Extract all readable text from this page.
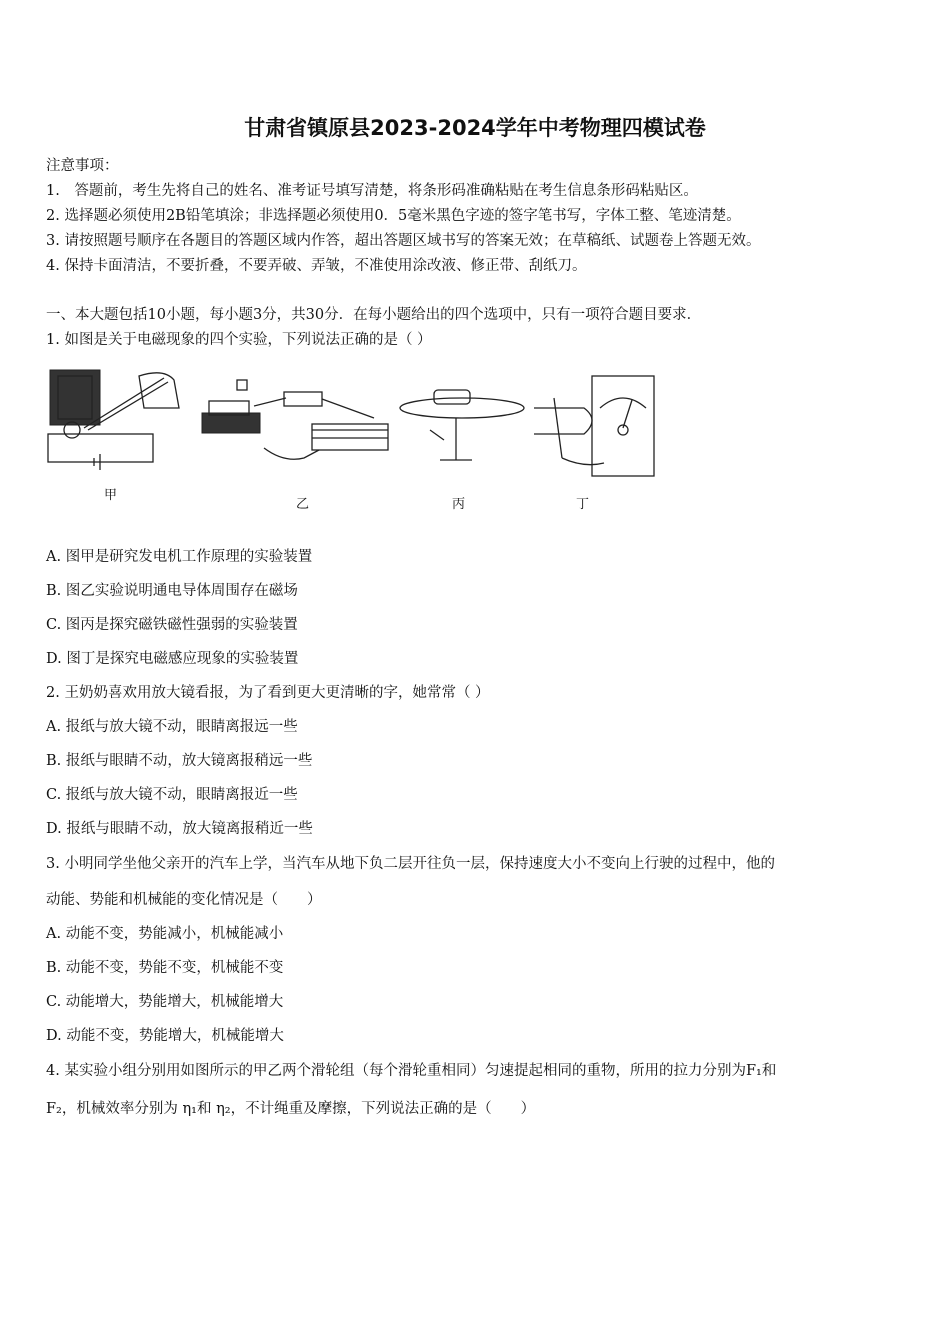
甘肃省镇原县2023-2024学年中考物理四模试卷
注意事项：
1.　答题前，考生先将自己的姓名、准考证号填写清楚，将条形码准确粘贴在考生信息条形码粘贴区。
2. 选择题必须使用2B铅笔填涂；非选择题必须使用0．5毫米黑色字迹的签字笔书写，字体工整、笔迹清楚。
3. 请按照题号顺序在各题目的答题区域内作答，超出答题区域书写的答案无效；在草稿纸、试题卷上答题无效。
4. 保持卡面清洁，不要折叠，不要弄破、弄皱，不准使用涂改液、修正带、刮纸刀。
一、本大题包括10小题，每小题3分，共30分．在每小题给出的四个选项中，只有一项符合题目要求．
1. 如图是关于电磁现象的四个实验，下列说法正确的是（ ）
甲
乙	丙	丁
A. 图甲是研究发电机工作原理的实验装置
B. 图乙实验说明通电导体周围存在磁场
C. 图丙是探究磁铁磁性强弱的实验装置
D. 图丁是探究电磁感应现象的实验装置
2. 王奶奶喜欢用放大镜看报，为了看到更大更清晰的字，她常常（ ）
A. 报纸与放大镜不动，眼睛离报远一些
B. 报纸与眼睛不动，放大镜离报稍远一些
C. 报纸与放大镜不动，眼睛离报近一些
D. 报纸与眼睛不动，放大镜离报稍近一些
3. 小明同学坐他父亲开的汽车上学，当汽车从地下负二层开往负一层，保持速度大小不变向上行驶的过程中，他的
动能、势能和机械能的变化情况是（　　）
A. 动能不变，势能减小，机械能减小
B. 动能不变，势能不变，机械能不变
C. 动能增大，势能增大，机械能增大
D. 动能不变，势能增大，机械能增大
4. 某实验小组分别用如图所示的甲乙两个滑轮组（每个滑轮重相同）匀速提起相同的重物，所用的拉力分别为F₁和
F₂，机械效率分别为 η₁和 η₂，不计绳重及摩擦，下列说法正确的是（　　）
